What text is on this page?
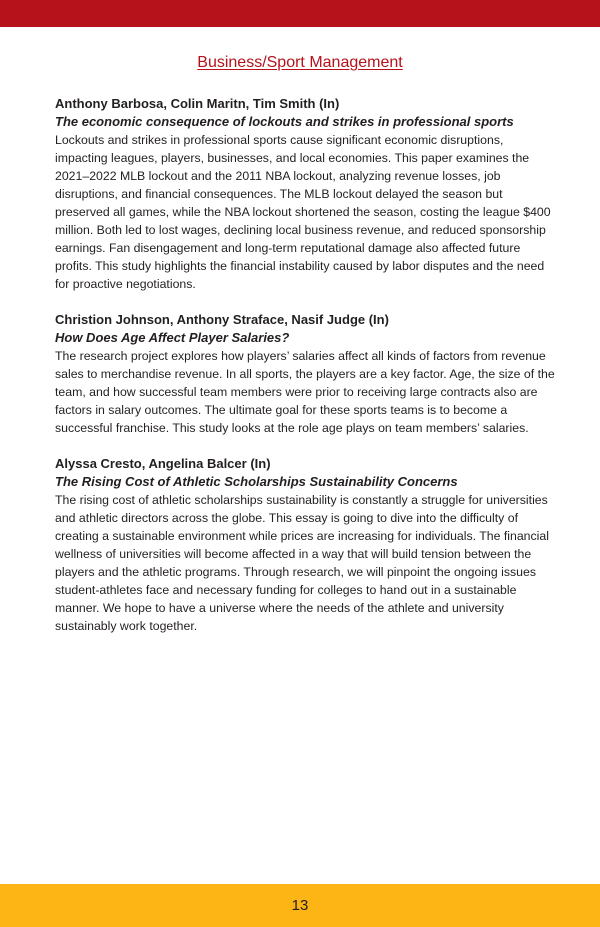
Business/Sport Management

Anthony Barbosa, Colin Maritn, Tim Smith (In)

The economic consequence of lockouts and strikes in professional sports

Lockouts and strikes in professional sports cause significant economic disruptions, impacting leagues, players, businesses, and local economies. This paper examines the 2021–2022 MLB lockout and the 2011 NBA lockout, analyzing revenue losses, job disruptions, and financial consequences. The MLB lockout delayed the season but preserved all games, while the NBA lockout shortened the season, costing the league $400 million. Both led to lost wages, declining local business revenue, and reduced sponsorship earnings. Fan disengagement and long-term reputational damage also affected future profits. This study highlights the financial instability caused by labor disputes and the need for proactive negotiations.

Christion Johnson, Anthony Straface, Nasif Judge (In)

How Does Age Affect Player Salaries?

The research project explores how players’ salaries affect all kinds of factors from revenue sales to merchandise revenue. In all sports, the players are a key factor. Age, the size of the team, and how successful team members were prior to receiving large contracts also are factors in salary outcomes. The ultimate goal for these sports teams is to become a successful franchise. This study looks at the role age plays on team members’ salaries.

Alyssa Cresto, Angelina Balcer (In)

The Rising Cost of Athletic Scholarships Sustainability Concerns

The rising cost of athletic scholarships sustainability is constantly a struggle for universities and athletic directors across the globe. This essay is going to dive into the difficulty of creating a sustainable environment while prices are increasing for individuals. The financial wellness of universities will become affected in a way that will build tension between the players and the athletic programs. Through research, we will pinpoint the ongoing issues student-athletes face and necessary funding for colleges to hand out in a sustainable manner. We hope to have a universe where the needs of the athlete and university sustainably work together.

13
